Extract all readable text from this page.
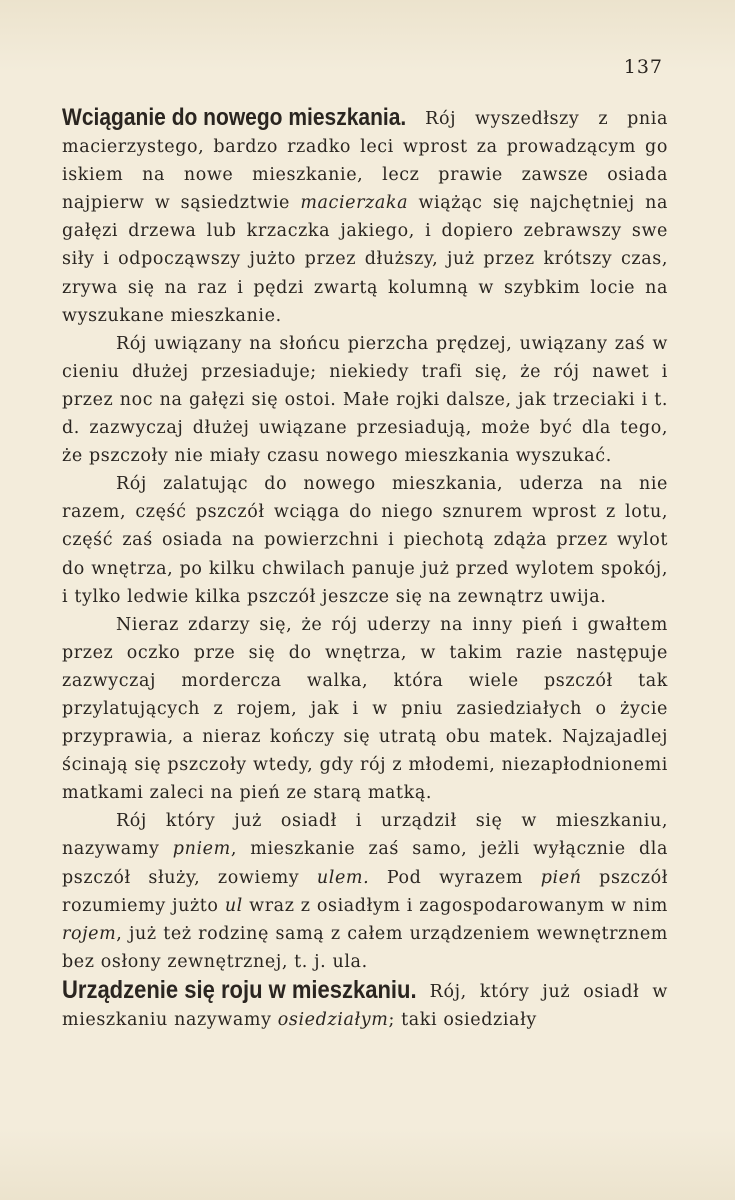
137

Wciąganie do nowego mieszkania. Rój wyszedłszy z pnia macierzystego, bardzo rzadko leci wprost za prowadzącym go iskiem na nowe mieszkanie, lecz prawie zawsze osiada najpierw w sąsiedztwie macierzaka wiążąc się najchętniej na gałęzi drzewa lub krzaczka jakiego, i dopiero zebrawszy swe siły i odpocząwszy jużto przez dłuższy, już przez krótszy czas, zrywa się na raz i pędzi zwartą kolumną w szybkim locie na wyszukane mieszkanie.

Rój uwiązany na słońcu pierzcha prędzej, uwiązany zaś w cieniu dłużej przesiaduje; niekiedy trafi się, że rój nawet i przez noc na gałęzi się ostoi. Małe rojki dalsze, jak trzeciaki i t. d. zazwyczaj dłużej uwiązane przesiadują, może być dla tego, że pszczoły nie miały czasu nowego mieszkania wyszukać.

Rój zalatując do nowego mieszkania, uderza na nie razem, część pszczół wciąga do niego sznurem wprost z lotu, część zaś osiada na powierzchni i piechotą zdąża przez wylot do wnętrza, po kilku chwilach panuje już przed wylotem spokój, i tylko ledwie kilka pszczół jeszcze się na zewnątrz uwija.

Nieraz zdarzy się, że rój uderzy na inny pień i gwałtem przez oczko prze się do wnętrza, w takim razie następuje zazwyczaj mordercza walka, która wiele pszczół tak przylatujących z rojem, jak i w pniu zasiedziałych o życie przyprawia, a nieraz kończy się utratą obu matek. Najzajadlej ścinają się pszczoły wtedy, gdy rój z młodemi, niezapłodnionemi matkami zaleci na pień ze starą matką.

Rój który już osiadł i urządził się w mieszkaniu, nazywamy pniem, mieszkanie zaś samo, jeżli wyłącznie dla pszczół służy, zowiemy ulem. Pod wyrazem pień pszczół rozumiemy jużto ul wraz z osiadłym i zagospodarowanym w nim rojem, już też rodzinę samą z całem urządzeniem wewnętrznem bez osłony zewnętrznej, t. j. ula.

Urządzenie się roju w mieszkaniu. Rój, który już osiadł w mieszkaniu nazywamy osiedziałym; taki osiedziały
